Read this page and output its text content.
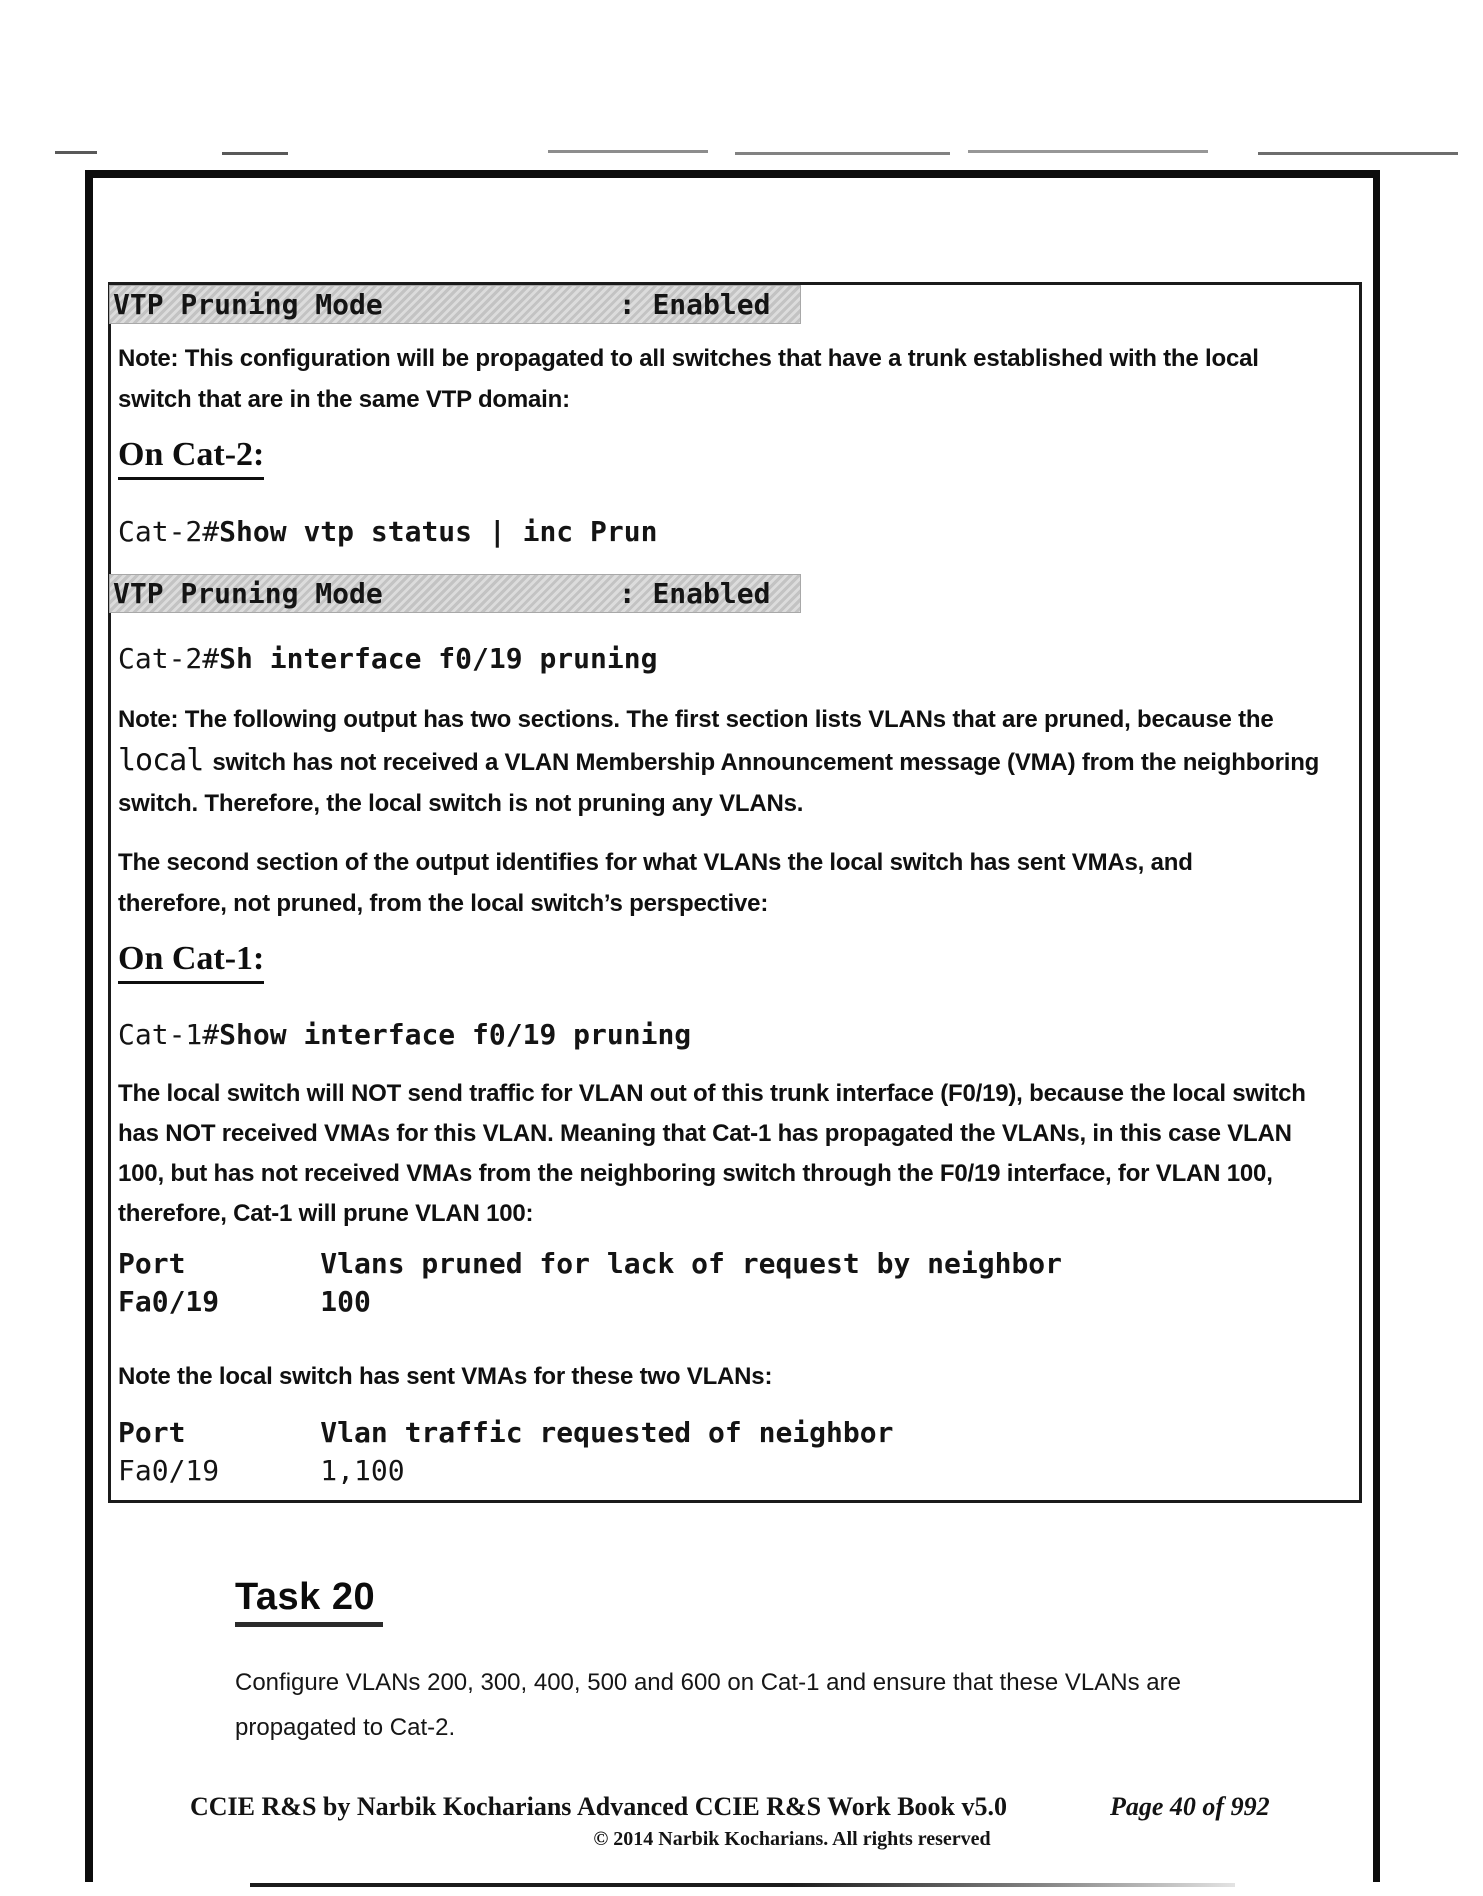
VTP Pruning Mode              : Enabled
Note: This configuration will be propagated to all switches that have a trunk established with the local
switch that are in the same VTP domain:
On Cat-2:
Cat-2#Show vtp status | inc Prun
VTP Pruning Mode              : Enabled
Cat-2#Sh interface f0/19 pruning
Note: The following output has two sections. The first section lists VLANs that are pruned, because the
local switch has not received a VLAN Membership Announcement message (VMA) from the neighboring
switch. Therefore, the local switch is not pruning any VLANs.
The second section of the output identifies for what VLANs the local switch has sent VMAs, and
therefore, not pruned, from the local switch’s perspective:
On Cat-1:
Cat-1#Show interface f0/19 pruning
The local switch will NOT send traffic for VLAN out of this trunk interface (F0/19), because the local switch
has NOT received VMAs for this VLAN. Meaning that Cat-1 has propagated the VLANs, in this case VLAN
100, but has not received VMAs from the neighboring switch through the F0/19 interface, for VLAN 100,
therefore, Cat-1 will prune VLAN 100:
Port        Vlans pruned for lack of request by neighbor
Fa0/19      100
Note the local switch has sent VMAs for these two VLANs:
Port        Vlan traffic requested of neighbor
Fa0/19      1,100
Task 20
Configure VLANs 200, 300, 400, 500 and 600 on Cat-1 and ensure that these VLANs are
propagated to Cat-2.
CCIE R&S by Narbik Kocharians Advanced CCIE R&S Work Book v5.0
© 2014 Narbik Kocharians. All rights reserved
Page 40 of 992
